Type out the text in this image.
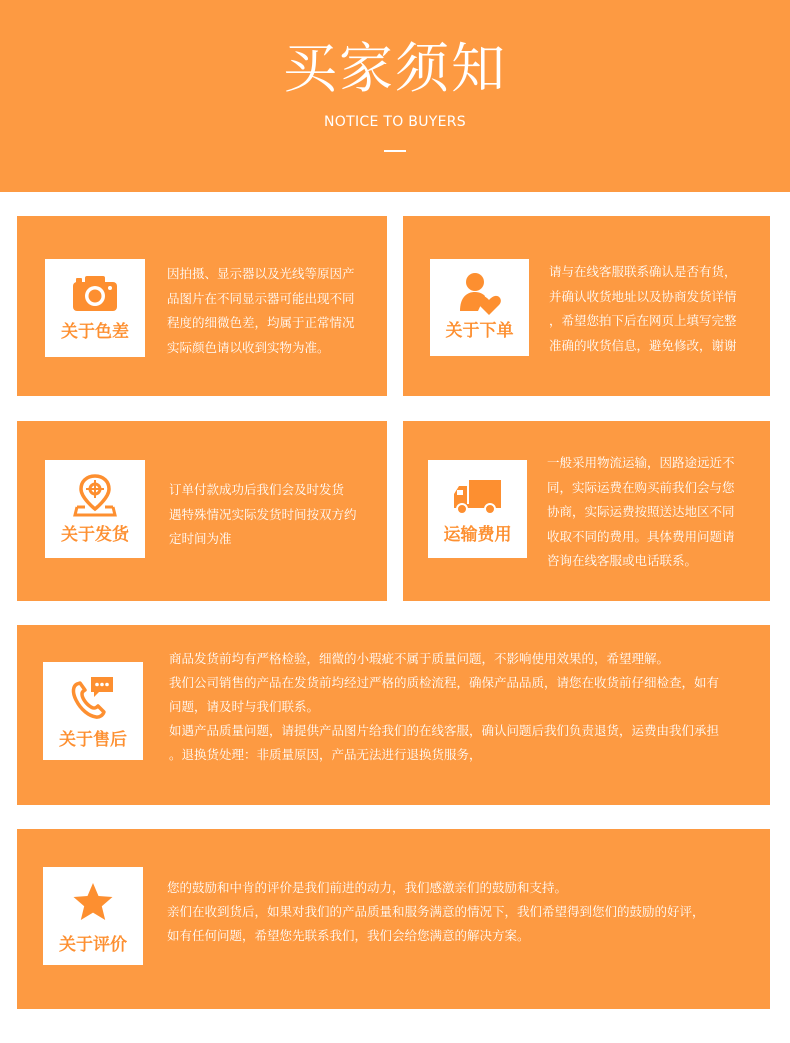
买家须知
NOTICE TO BUYERS
关于色差

因拍摄、显示器以及光线等原因产

品图片在不同显示器可能出现不同

程度的细微色差，均属于正常情况

实际颜色请以收到实物为准。

关于下单

请与在线客服联系确认是否有货，

并确认收货地址以及协商发货详情

，希望您拍下后在网页上填写完整

准确的收货信息，避免修改，谢谢

关于发货

订单付款成功后我们会及时发货

遇特殊情况实际发货时间按双方约

定时间为准	运输费用

一般采用物流运输，因路途远近不

同，实际运费在购买前我们会与您

协商，实际运费按照送达地区不同

收取不同的费用。具体费用问题请

咨询在线客服或电话联系。

关于售后

商品发货前均有严格检验，细微的小瑕疵不属于质量问题，不影响使用效果的，希望理解。

我们公司销售的产品在发货前均经过严格的质检流程，确保产品品质，请您在收货前仔细检查，如有

问题，请及时与我们联系。

如遇产品质量问题，请提供产品图片给我们的在线客服，确认问题后我们负责退货，运费由我们承担

。退换货处理：非质量原因，产品无法进行退换货服务，

关于评价

您的鼓励和中肯的评价是我们前进的动力，我们感激亲们的鼓励和支持。

亲们在收到货后，如果对我们的产品质量和服务满意的情况下，我们希望得到您们的鼓励的好评，

如有任何问题，希望您先联系我们，我们会给您满意的解决方案。
